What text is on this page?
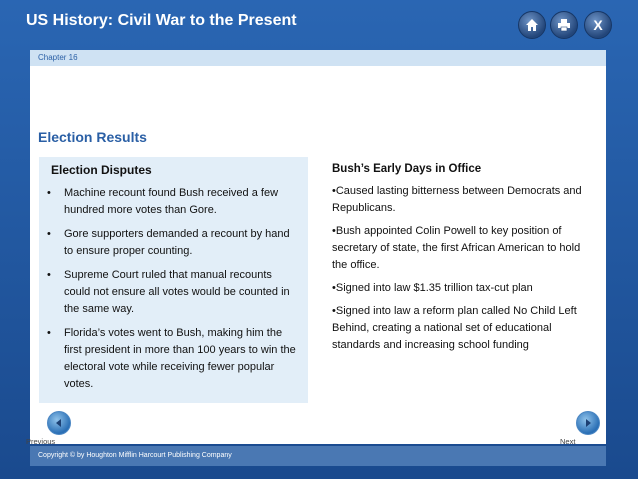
US History: Civil War to the Present	X
Chapter 16
Election Results
Election Disputes
• Machine recount found Bush received a few hundred more votes than Gore.
• Gore supporters demanded a recount by hand to ensure proper counting.
• Supreme Court ruled that manual recounts could not ensure all votes would be counted in the same way.
• Florida’s votes went to Bush, making him the first president in more than 100 years to win the electoral vote while receiving fewer popular votes.
Bush’s Early Days in Office

•Caused lasting bitterness between Democrats and Republicans.

•Bush appointed Colin Powell to key position of secretary of state, the first African American to hold the office.

•Signed into law $1.35 trillion tax-cut plan

•Signed into law a reform plan called No Child Left Behind, creating a national set of educational standards and increasing school funding

Previous	Next
Copyright © by Houghton Mifflin Harcourt Publishing Company
